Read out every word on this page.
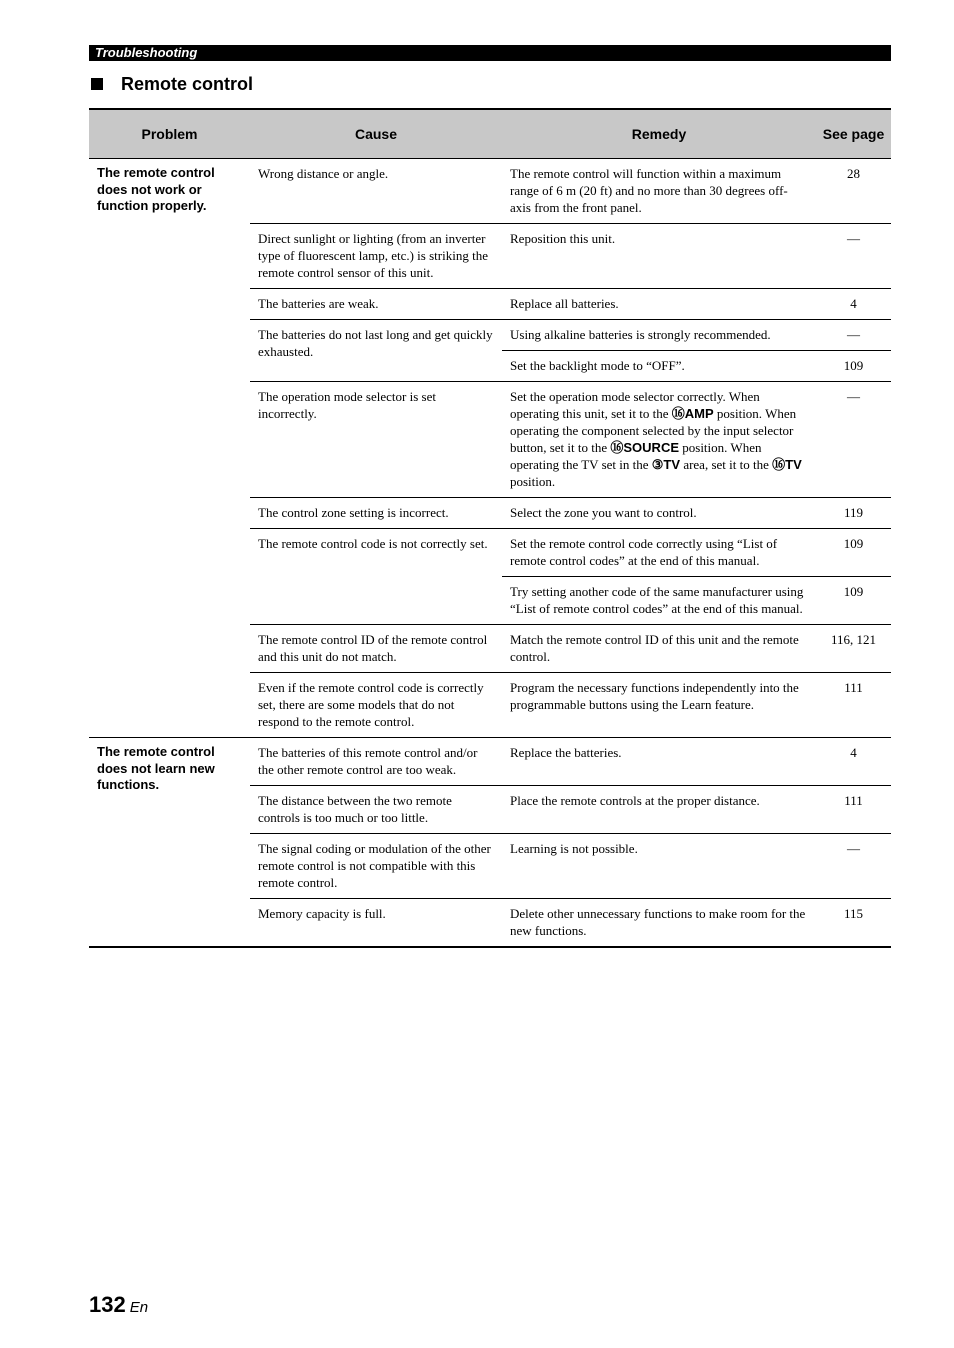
Troubleshooting
Remote control
Problem	Cause	Remedy	See page
The remote control does not work or function properly.	Wrong distance or angle.	The remote control will function within a maximum range of 6 m (20 ft) and no more than 30 degrees off-axis from the front panel.	28
	Direct sunlight or lighting (from an inverter type of fluorescent lamp, etc.) is striking the remote control sensor of this unit.	Reposition this unit.	—
	The batteries are weak.	Replace all batteries.	4
	The batteries do not last long and get quickly exhausted.	Using alkaline batteries is strongly recommended.	—
		Set the backlight mode to “OFF”.	109
	The operation mode selector is set incorrectly.	Set the operation mode selector correctly. When operating this unit, set it to the ⑯AMP position. When operating the component selected by the input selector button, set it to the ⑯SOURCE position. When operating the TV set in the ③TV area, set it to the ⑯TV position.	—
	The control zone setting is incorrect.	Select the zone you want to control.	119
	The remote control code is not correctly set.	Set the remote control code correctly using “List of remote control codes” at the end of this manual.	109
		Try setting another code of the same manufacturer using “List of remote control codes” at the end of this manual.	109
	The remote control ID of the remote control and this unit do not match.	Match the remote control ID of this unit and the remote control.	116, 121
	Even if the remote control code is correctly set, there are some models that do not respond to the remote control.	Program the necessary functions independently into the programmable buttons using the Learn feature.	111
The remote control does not learn new functions.	The batteries of this remote control and/or the other remote control are too weak.	Replace the batteries.	4
	The distance between the two remote controls is too much or too little.	Place the remote controls at the proper distance.	111
	The signal coding or modulation of the other remote control is not compatible with this remote control.	Learning is not possible.	—
	Memory capacity is full.	Delete other unnecessary functions to make room for the new functions.	115
132 En
